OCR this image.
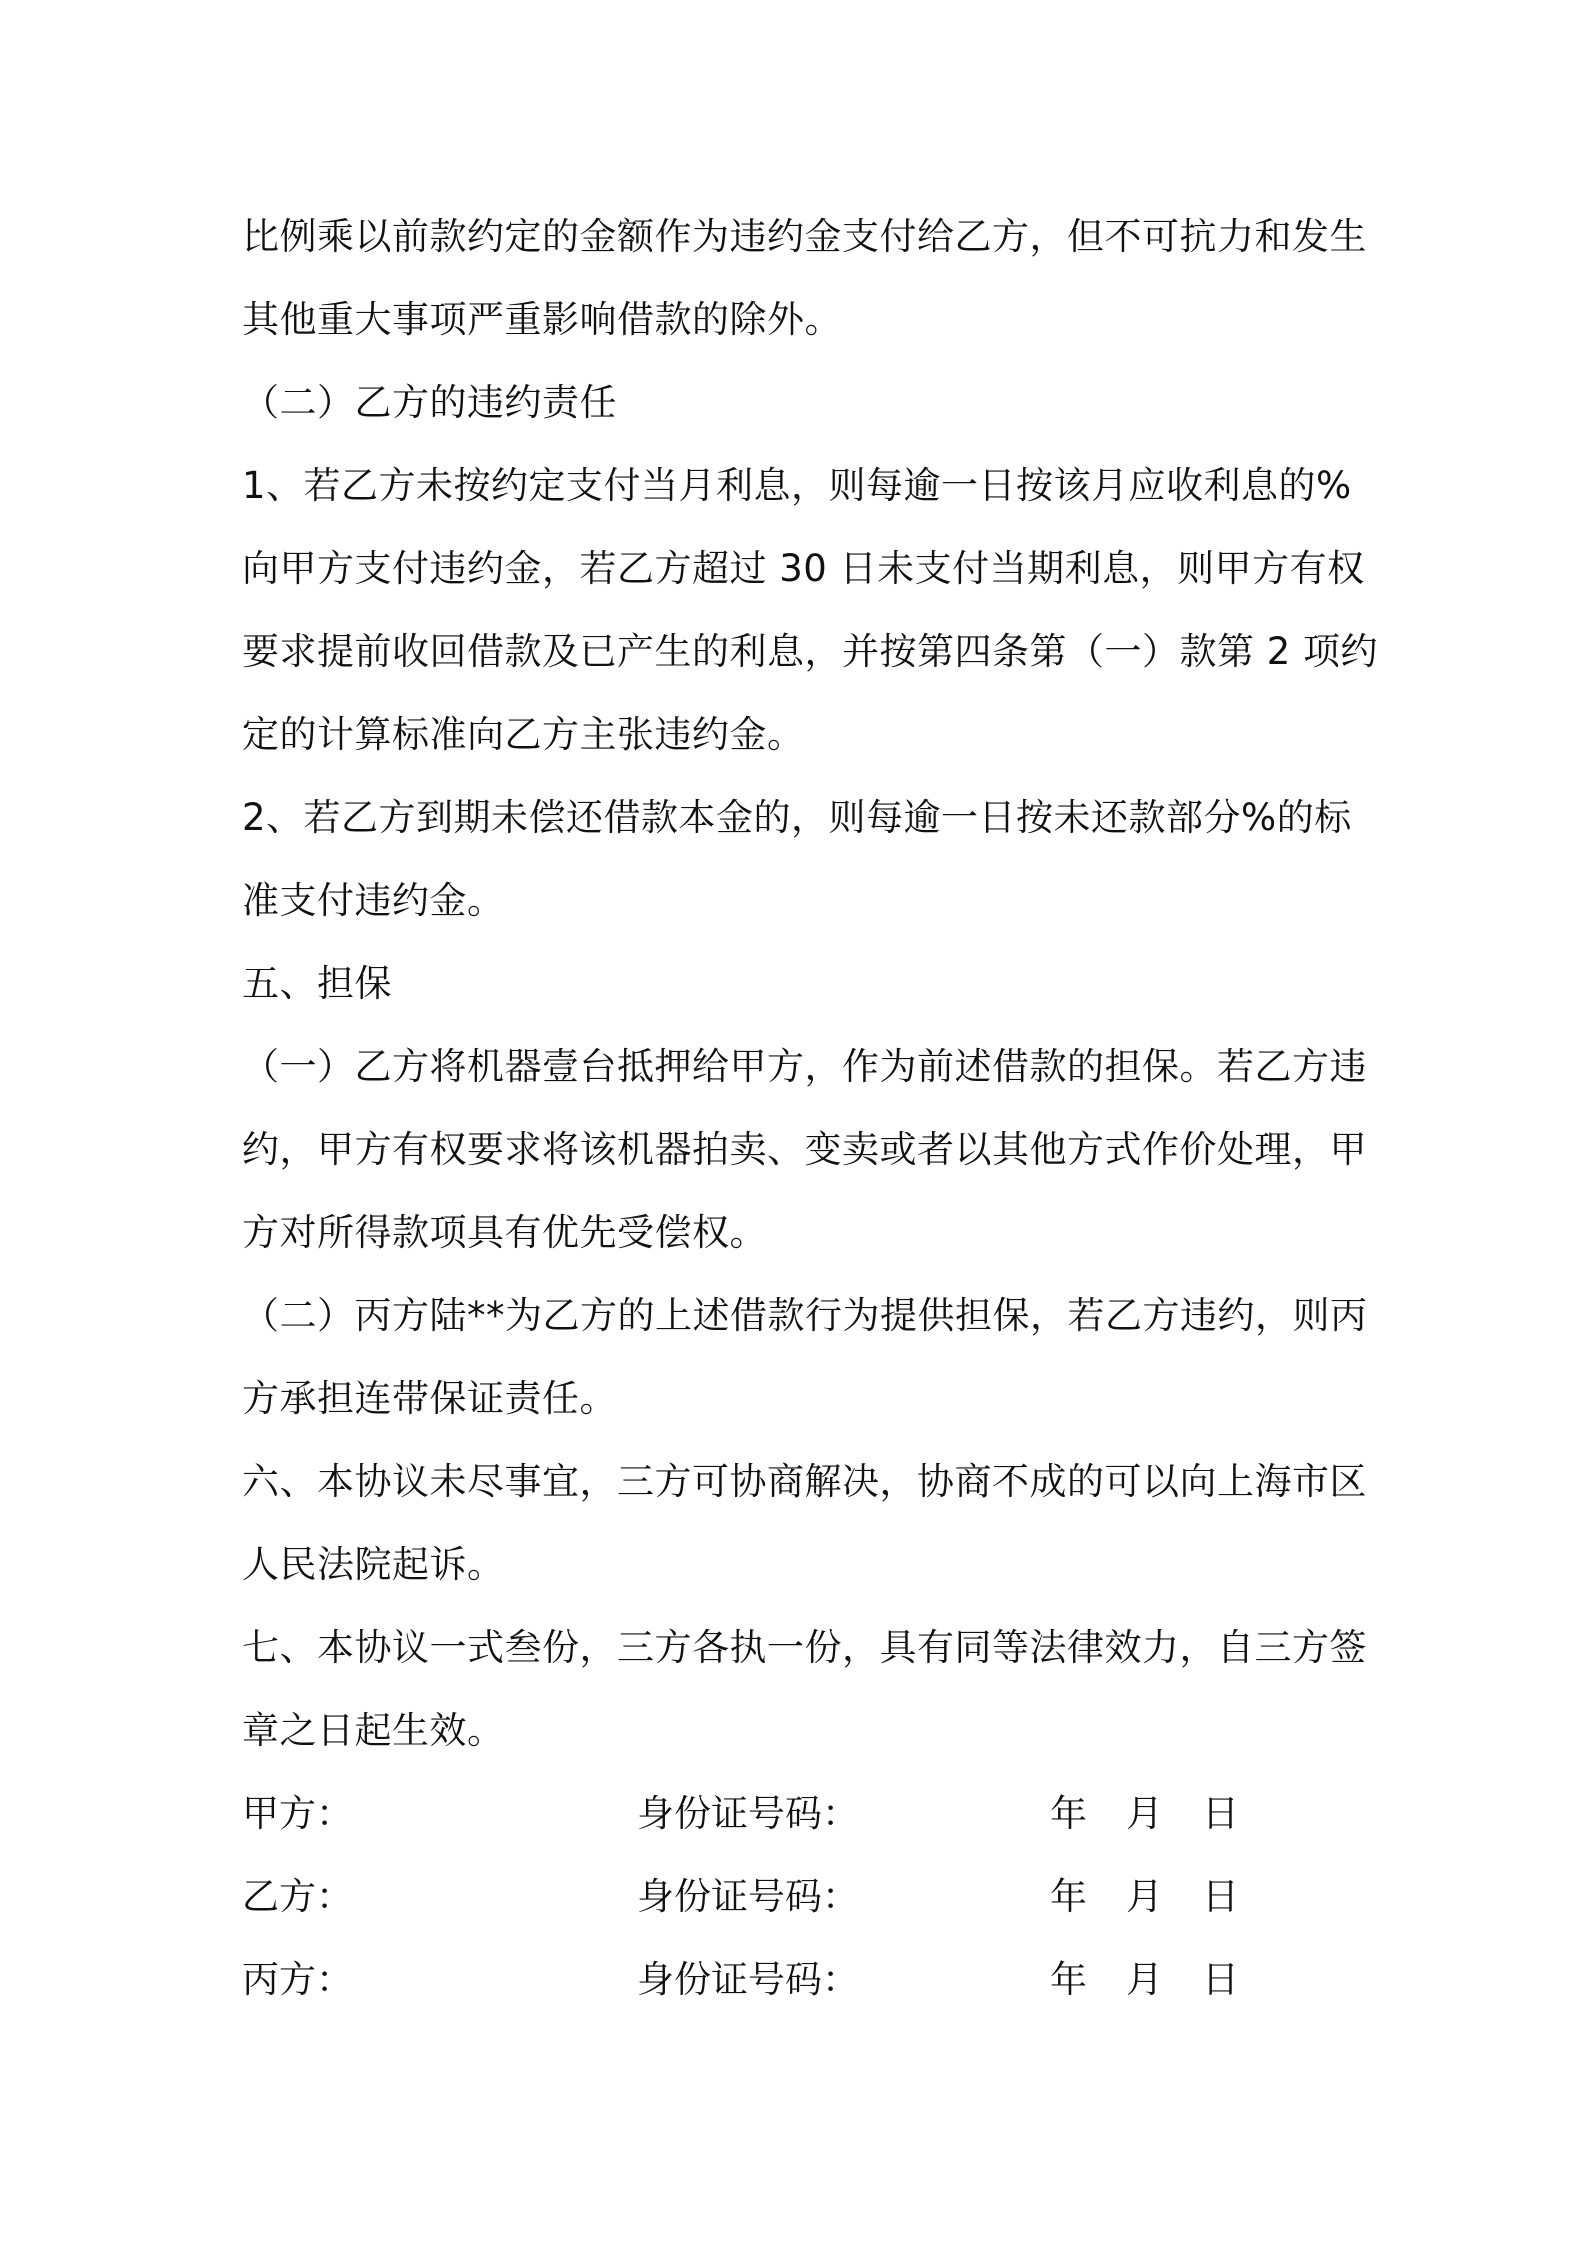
比例乘以前款约定的金额作为违约金支付给乙方，但不可抗力和发生
其他重大事项严重影响借款的除外。
（二）乙方的违约责任
1、若乙方未按约定支付当月利息，则每逾一日按该月应收利息的%
向甲方支付违约金，若乙方超过 30 日未支付当期利息，则甲方有权
要求提前收回借款及已产生的利息，并按第四条第（一）款第 2 项约
定的计算标准向乙方主张违约金。
2、若乙方到期未偿还借款本金的，则每逾一日按未还款部分%的标
准支付违约金。
五、担保
（一）乙方将机器壹台抵押给甲方，作为前述借款的担保。若乙方违
约，甲方有权要求将该机器拍卖、变卖或者以其他方式作价处理，甲
方对所得款项具有优先受偿权。
（二）丙方陆**为乙方的上述借款行为提供担保，若乙方违约，则丙
方承担连带保证责任。
六、本协议未尽事宜，三方可协商解决，协商不成的可以向上海市区
人民法院起诉。
七、本协议一式叁份，三方各执一份，具有同等法律效力，自三方签
章之日起生效。
甲方：	身份证号码：	年 月 日
乙方：	身份证号码：	年 月 日
丙方：	身份证号码：	年 月 日
